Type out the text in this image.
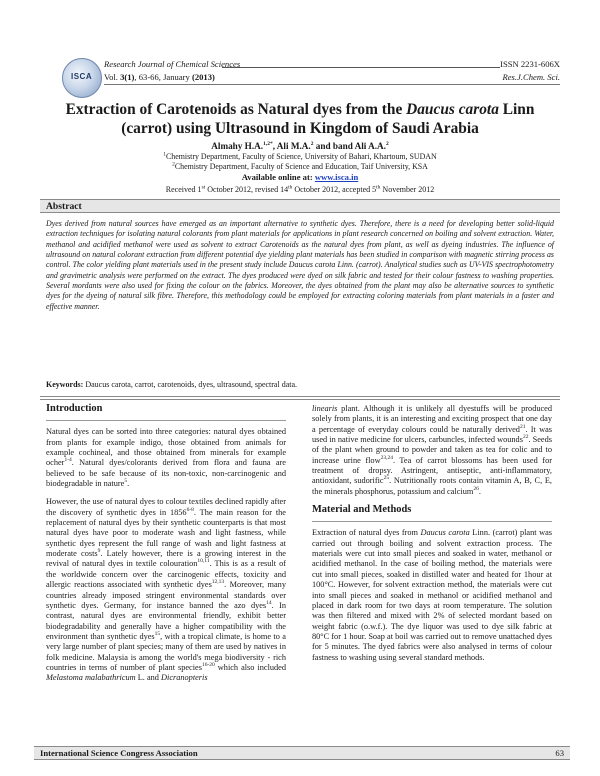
ISCA
Research Journal of Chemical Sciences	ISSN 2231-606X
Vol. 3(1), 63-66, January (2013)	Res.J.Chem. Sci.
Extraction of Carotenoids as Natural dyes from the Daucus carota Linn
(carrot) using Ultrasound in Kingdom of Saudi Arabia
Almahy H.A.$^{1,2*}$, Ali M.A.$^2$ and band Ali A.A.$^2$
$^1$Chemistry Department, Faculty of Science, University of Bahari, Khartoum, SUDAN
$^2$Chemistry Department, Faculty of Science and Education, Taif University, KSA
Available online at: www.isca.in
Received 1st October 2012, revised 14th October 2012, accepted 5th November 2012
Abstract
Dyes derived from natural sources have emerged as an important alternative to synthetic dyes. Therefore, there is a need for developing better solid-liquid extraction techniques for isolating natural colorants from plant materials for applications in plant research concerned on boiling and solvent extraction. Water, methanol and acidified methanol were used as solvent to extract Carotenoids as the natural dyes from plant, as well as dyeing industries. The influence of ultrasound on natural colorant extraction from different potential dye yielding plant materials has been studied in comparison with magnetic stirring process as control. The color yielding plant materials used in the present study include Daucus carota Linn. (carrot). Analytical studies such as UV-VIS spectrophotometry and gravimetric analysis were performed on the extract. The dyes produced were dyed on silk fabric and tested for their colour fastness to washing properties. Several mordants were also used for fixing the colour on the fabrics. Moreover, the dyes obtained from the plant may also be alternative sources to synthetic dyes for the dyeing of natural silk fibre. Therefore, this methodology could be employed for extracting coloring materials from plant materials in a faster and effective manner.
Keywords: Daucus carota, carrot, carotenoids, dyes, ultrasound, spectral data.
Introduction

Natural dyes can be sorted into three categories: natural dyes obtained from plants for example indigo, those obtained from animals for example cochineal, and those obtained from minerals for example ocher$^{1-4}$. Natural dyes/colorants derived from flora and fauna are believed to be safe because of its non-toxic, non-carcinogenic and biodegradable in nature$^5$.

However, the use of natural dyes to colour textiles declined rapidly after the discovery of synthetic dyes in 1856$^{6-8}$. The main reason for the replacement of natural dyes by their synthetic counterparts is that most natural dyes have poor to moderate wash and light fastness, while synthetic dyes represent the full range of wash and light fastness at moderate costs$^9$. Lately however, there is a growing interest in the revival of natural dyes in textile colouration$^{10,11}$. This is as a result of the worldwide concern over the carcinogenic effects, toxicity and allergic reactions associated with synthetic dyes$^{12,13}$. Moreover, many countries already imposed stringent environmental standards over synthetic dyes. Germany, for instance banned the azo dyes$^{14}$. In contrast, natural dyes are environmental friendly, exhibit better biodegradability and generally have a higher compatibility with the environment than synthetic dyes$^{15}$, with a tropical climate, is home to a very large number of plant species; many of them are used by natives in folk medicine. Malaysia is among the world's mega biodiversity - rich countries in terms of number of plant species$^{16-20}$ which also included Melastoma malabathricum L. and Dicranopteris

linearis plant. Although it is unlikely all dyestuffs will be produced solely from plants, it is an interesting and exciting prospect that one day a percentage of everyday colours could be naturally derived$^{21}$. It was used in native medicine for ulcers, carbuncles, infected wounds$^{22}$. Seeds of the plant when ground to powder and taken as tea for colic and to increase urine flow$^{23,24}$. Tea of carrot blossoms has been used for treatment of dropsy. Astringent, antiseptic, anti-inflammatory, antioxidant, sudorific$^{25}$. Nutritionally roots contain vitamin A, B, C, E, the minerals phosphorus, potassium and calcium$^{26}$.

Material and Methods

Extraction of natural dyes from Daucus carota Linn. (carrot) plant was carried out through boiling and solvent extraction process. The materials were cut into small pieces and soaked in water, methanol or acidified methanol. In the case of boiling method, the materials were cut into small pieces, soaked in distilled water and heated for 1hour at 100°C. However, for solvent extraction method, the materials were cut into small pieces and soaked in methanol or acidified methanol and placed in dark room for two days at room temperature. The solution was then filtered and mixed with 2% of selected mordant based on weight fabric (o.w.f.). The dye liquor was used to dye silk fabric at 80°C for 1 hour. Soap at boil was carried out to remove unattached dyes for 5 minutes. The dyed fabrics were also analysed in terms of colour fastness to washing using several standard methods.

International Science Congress Association	63
